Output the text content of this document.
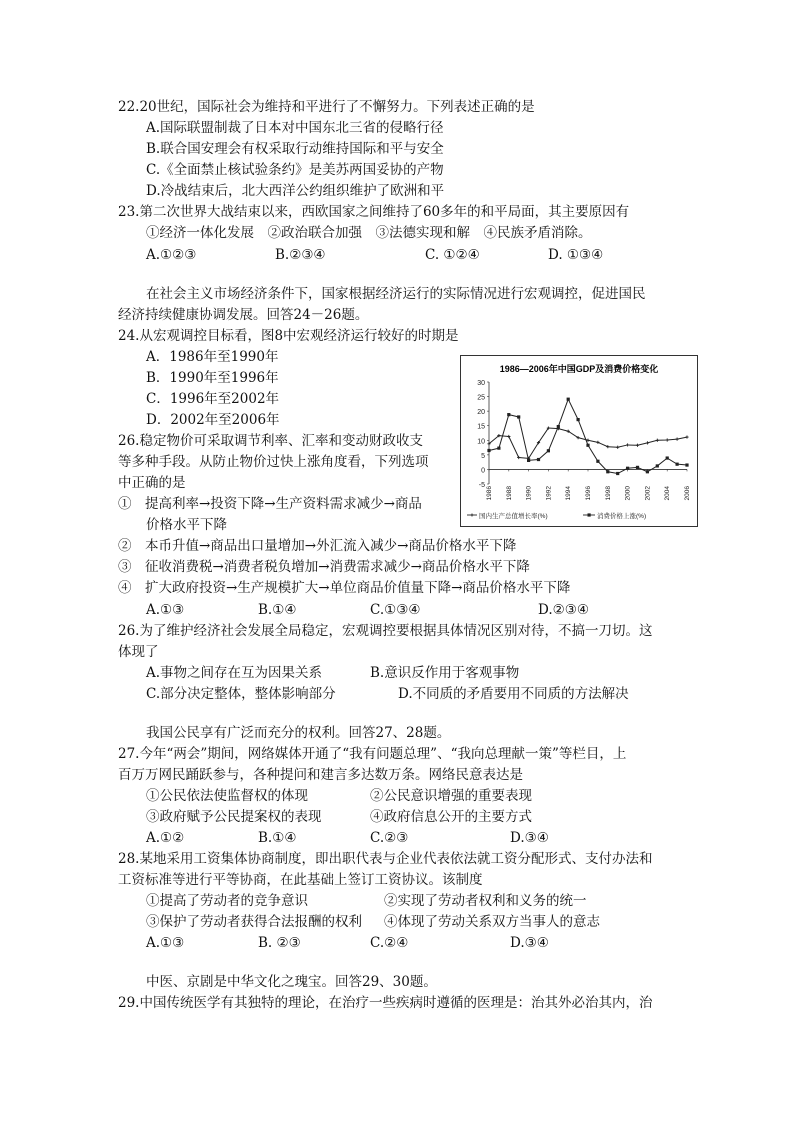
22.20世纪，国际社会为维持和平进行了不懈努力。下列表述正确的是
A.国际联盟制裁了日本对中国东北三省的侵略行径
B.联合国安理会有权采取行动维持国际和平与安全
C.《全面禁止核试验条约》是美苏两国妥协的产物
D.冷战结束后，北大西洋公约组织维护了欧洲和平
23.第二次世界大战结束以来，西欧国家之间维持了60多年的和平局面，其主要原因有
①经济一体化发展　②政治联合加强　③法德实现和解　④民族矛盾消除。
A.①②③	B.②③④	C. ①②④	D. ①③④
在社会主义市场经济条件下，国家根据经济运行的实际情况进行宏观调控，促进国民
经济持续健康协调发展。回答24－26题。
24.从宏观调控目标看，图8中宏观经济运行较好的时期是
A．1986年至1990年
B．1990年至1996年
C．1996年至2002年
D．2002年至2006年
1986—2006年中国GDP及消费价格变化
30
25
20
15
10
5
0
-5
1986 1988 1990 1992 1994 1996 1998 2000 2002 2004 2006
国内生产总值增长率(%)	消费价格上涨(%)
26.稳定物价可采取调节利率、汇率和变动财政收支
等多种手段。从防止物价过快上涨角度看，下列选项
中正确的是
①　提高利率→投资下降→生产资料需求减少→商品
价格水平下降
②　本币升值→商品出口量增加→外汇流入减少→商品价格水平下降
③　征收消费税→消费者税负增加→消费需求减少→商品价格水平下降
④　扩大政府投资→生产规模扩大→单位商品价值量下降→商品价格水平下降
A.①③	B.①④	C.①③④	D.②③④
26.为了维护经济社会发展全局稳定，宏观调控要根据具体情况区别对待，不搞一刀切。这
体现了
A.事物之间存在互为因果关系	B.意识反作用于客观事物
C.部分决定整体，整体影响部分	D.不同质的矛盾要用不同质的方法解决
我国公民享有广泛而充分的权利。回答27、28题。
27.今年“两会”期间，网络媒体开通了“我有问题总理”、“我向总理献一策”等栏目，上
百万万网民踊跃参与，各种提问和建言多达数万条。网络民意表达是
①公民依法使监督权的体现	②公民意识增强的重要表现
③政府赋予公民提案权的表现	④政府信息公开的主要方式
A.①②	B.①④	C.②③	D.③④
28.某地采用工资集体协商制度，即出职代表与企业代表依法就工资分配形式、支付办法和
工资标准等进行平等协商，在此基础上签订工资协议。该制度
①提高了劳动者的竞争意识	②实现了劳动者权利和义务的统一
③保护了劳动者获得合法报酬的权利 ④体现了劳动关系双方当事人的意志
A.①③	B. ②③	C.②④	D.③④
中医、京剧是中华文化之瑰宝。回答29、30题。
29.中国传统医学有其独特的理论，在治疗一些疾病时遵循的医理是：治其外必治其内，治
